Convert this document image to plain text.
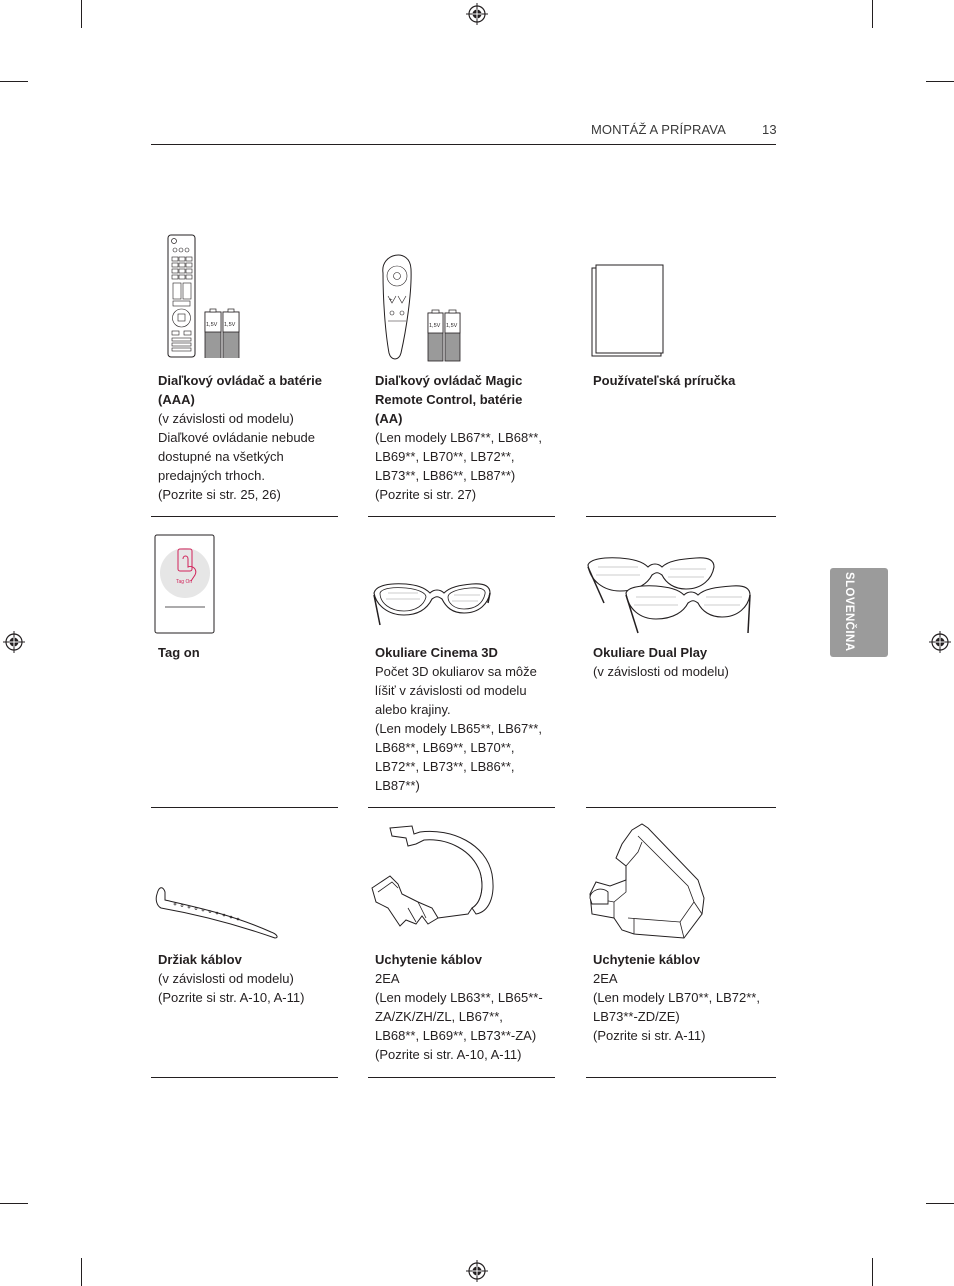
MONTÁŽ A PRÍPRAVA	13
SLOVENČINA
1,5V 1,5V
Diaľkový ovládač a batérie
(AAA)
(v závislosti od modelu)
Diaľkové ovládanie nebude
dostupné na všetkých
predajných trhoch.
(Pozrite si str. 25, 26)
+
1,5V 1,5V
Diaľkový ovládač Magic
Remote Control, batérie
(AA)
(Len modely LB67**, LB68**,
LB69**, LB70**, LB72**,
LB73**, LB86**, LB87**)
(Pozrite si str. 27)
Používateľská príručka
Tag On
Tag on	Okuliare Cinema 3D
Počet 3D okuliarov sa môže
líšiť v závislosti od modelu
alebo krajiny.
(Len modely LB65**, LB67**,
LB68**, LB69**, LB70**,
LB72**, LB73**, LB86**,
LB87**)
Okuliare Dual Play
(v závislosti od modelu)
Držiak káblov
(v závislosti od modelu)
(Pozrite si str. A-10, A-11)
Uchytenie káblov
2EA
(Len modely LB63**, LB65**-
ZA/ZK/ZH/ZL, LB67**,
LB68**, LB69**, LB73**-ZA)
(Pozrite si str. A-10, A-11)
Uchytenie káblov
2EA
(Len modely LB70**, LB72**,
LB73**-ZD/ZE)
(Pozrite si str. A-11)
